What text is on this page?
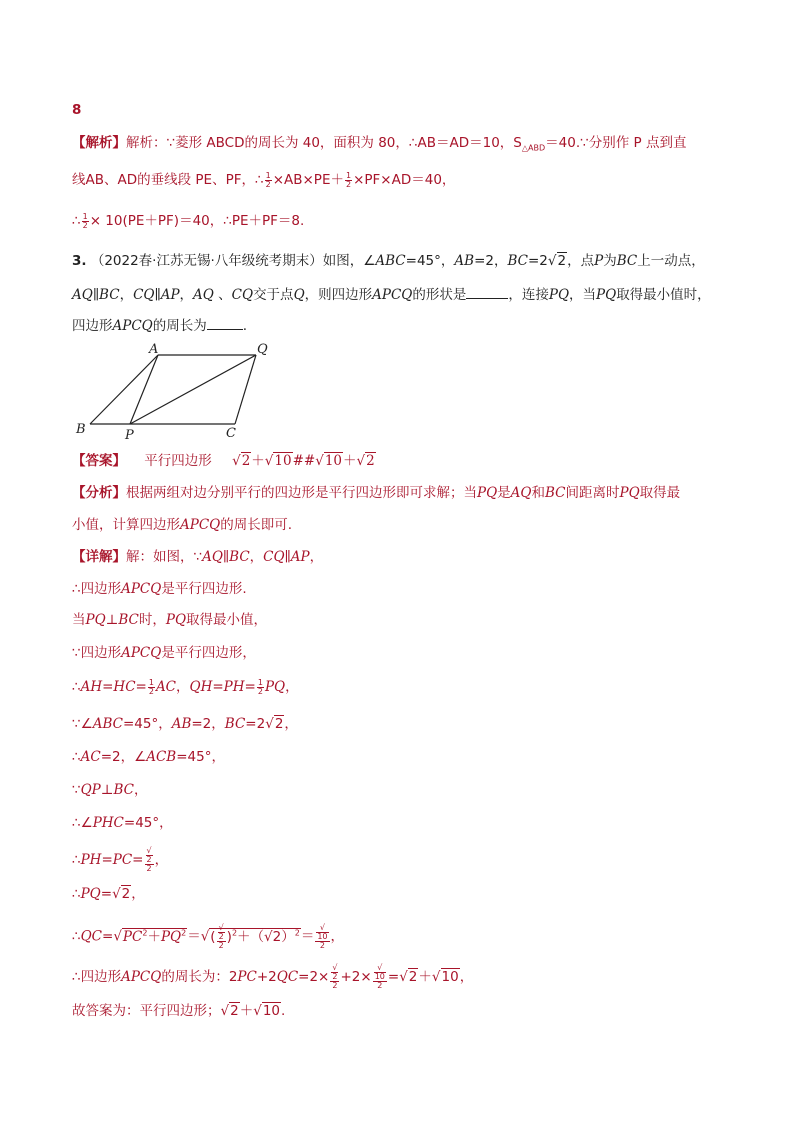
8
【解析】解析：∵菱形 ABCD的周长为 40，面积为 80，∴AB＝AD＝10，$S_{\triangle ABD}=40.\because$分别作 P 点到直
线AB、AD的垂线段 PE、PF，∴ $\frac{1}{2} \times AB\times PE+ \frac{1}{2} \times PF\times AD=40$，
∴ $\frac{1}{2} \times 10(PE+PF)=40$，∴PE＋PF＝8.
3. （2022春·江苏无锡·八年级统考期末）如图，∠ABC=45°，AB=2，BC=2√2，点P为BC上一动点，
AQ∥BC，CQ∥AP，AQ 、CQ交于点Q，则四边形APCQ的形状是	，连接PQ，当PQ取得最小值时，
四边形APCQ的周长为	.
A	Q
B	P	C
【答案】 平行四边形 √2＋√10##√10＋√2
【分析】根据两组对边分别平行的四边形是平行四边形即可求解；当PQ是AQ和BC间距离时PQ取得最
小值，计算四边形APCQ的周长即可.
【详解】解：如图，∵AQ∥BC，CQ∥AP，
∴四边形APCQ是平行四边形.
当PQ⊥BC时，PQ取得最小值，
∵四边形APCQ是平行四边形，
∴AH=HC= $\frac{1}{2}$ AC，$QH=PH= \frac{1}{2}$ PQ，
∵∠ABC=45°，AB=2，BC=2√2，
∴AC=2，∠ACB=45°，
∵QP⊥BC，
∴∠PHC=45°，
∴PH=PC= √
2
2 ，
∴PQ=√2，
$\therefore QC=√PC^2+PQ^2=√$( √
2
2 )$^2+(√2)^2=$ √
10
2 ，
∴四边形APCQ的周长为：2PC+2QC=2× √
2
2 +2× √
10
2 =√2＋√10，
故答案为：平行四边形；√2＋√10.
